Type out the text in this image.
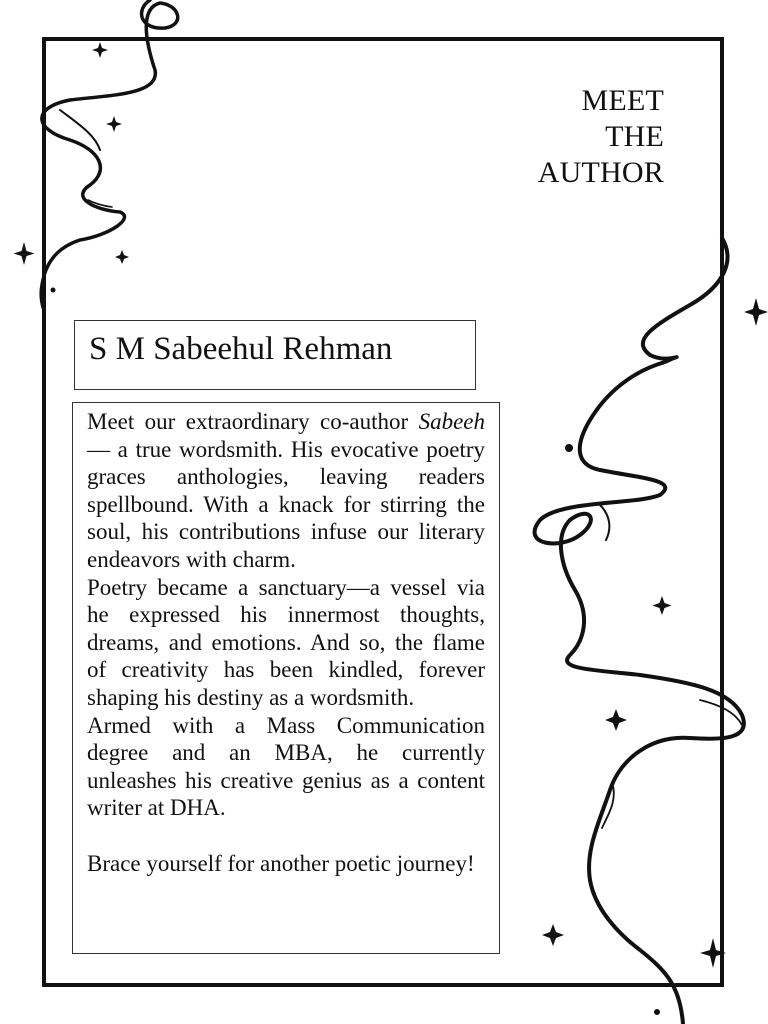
MEET
THE
AUTHOR
S M Sabeehul Rehman

Meet our extraordinary co-author Sabeeh — a true wordsmith. His evocative poetry graces anthologies, leaving readers spellbound. With a knack for stirring the soul, his contributions infuse our literary endeavors with charm.

Poetry became a sanctuary—a vessel via he expressed his innermost thoughts, dreams, and emotions. And so, the flame of creativity has been kindled, forever shaping his destiny as a wordsmith.

Armed with a Mass Communication degree and an MBA, he currently unleashes his creative genius as a content writer at DHA.

Brace yourself for another poetic journey!
